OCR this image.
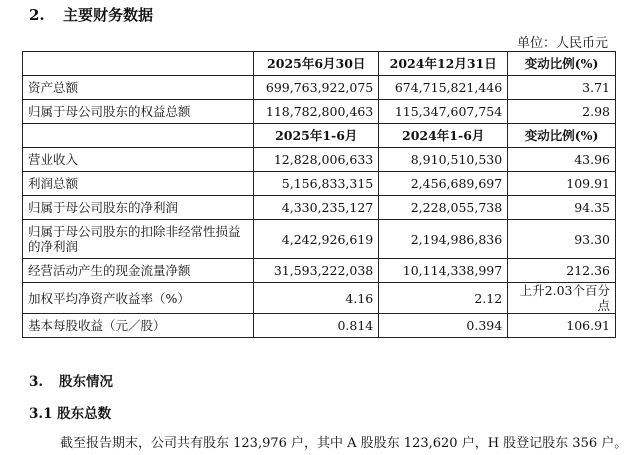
2. 主要财务数据
单位：人民币元
	2025年6月30日	2024年12月31日	变动比例(%)
资产总额	699,763,922,075	674,715,821,446	3.71
归属于母公司股东的权益总额	118,782,800,463	115,347,607,754	2.98
	2025年1-6月	2024年1-6月	变动比例(%)
营业收入	12,828,006,633	8,910,510,530	43.96
利润总额	5,156,833,315	2,456,689,697	109.91
归属于母公司股东的净利润	4,330,235,127	2,228,055,738	94.35
归属于母公司股东的扣除非经常性损益的净利润	4,242,926,619	2,194,986,836	93.30
经营活动产生的现金流量净额	31,593,222,038	10,114,338,997	212.36
加权平均净资产收益率（%）	4.16	2.12	上升2.03个百分点
基本每股收益（元／股）	0.814	0.394	106.91
3. 股东情况
3.1 股东总数
截至报告期末，公司共有股东 123,976 户，其中 A 股股东 123,620 户，H 股登记股东 356 户。
